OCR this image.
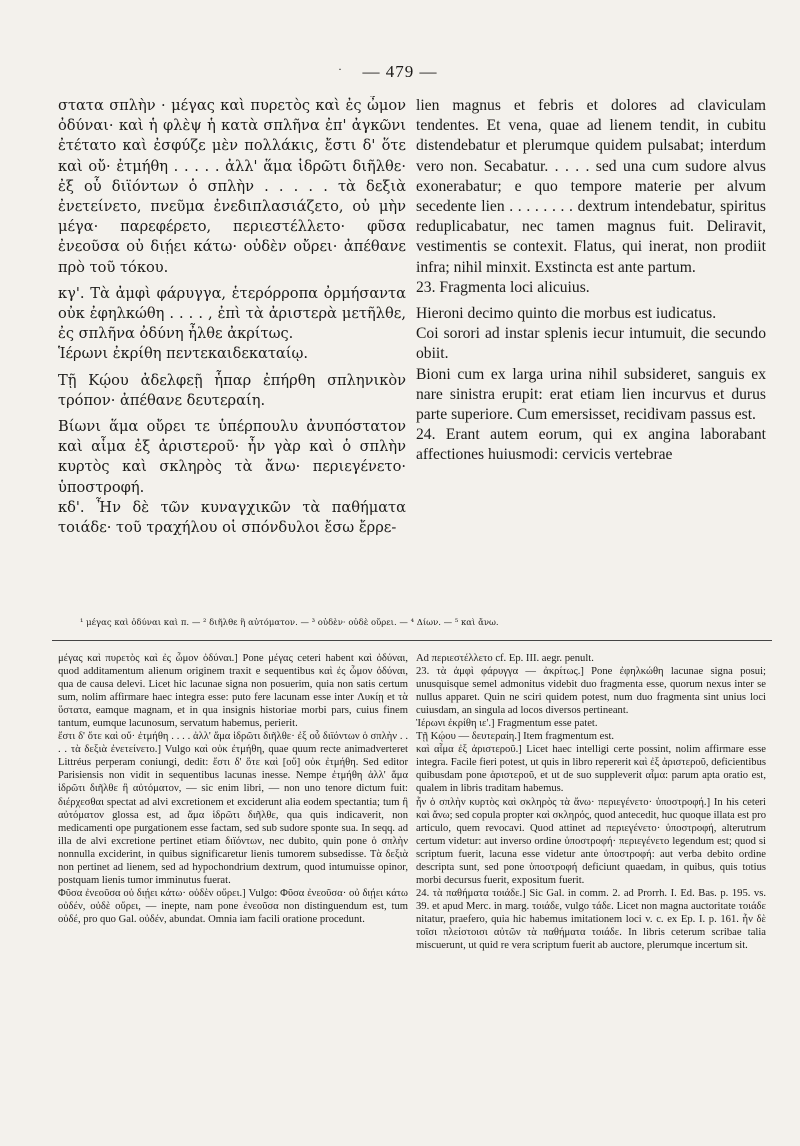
· — 479 —

στατα σπλὴν · μέγας καὶ πυρετὸς καὶ ἐς ὦμον ὀδύναι· καὶ ἡ φλὲψ ἡ κατὰ σπλῆνα ἐπ' ἀγκῶνι ἐτέτατο καὶ ἐσφύζε μὲν πολλάκις, ἔστι δ' ὅτε καὶ οὔ· ἐτμήθη . . . . . ἀλλ' ἅμα ἱδρῶτι διῆλθε· ἐξ οὗ διϊόντων ὁ σπλὴν . . . . . τὰ δεξιὰ ἐνετείνετο, πνεῦμα ἐνεδιπλασιάζετο, οὐ μὴν μέγα· παρεφέρετο, περιεστέλλετο· φῦσα ἐνεοῦσα οὐ διῄει κάτω· οὐδὲν οὔρει· ἀπέθανε πρὸ τοῦ τόκου.

κγ'. Τὰ ἀμφὶ φάρυγγα, ἑτερόρροπα ὀρμήσαντα οὐκ ἐφηλκώθη . . . . , ἐπὶ τὰ ἀριστερὰ μετῆλθε, ἐς σπλῆνα ὀδύνη ἦλθε ἀκρίτως.

Ἱέρωνι ἐκρίθη πεντεκαιδεκαταίῳ.

Τῇ Κῴου ἀδελφεῇ ἧπαρ ἐπήρθη σπληνικὸν τρόπον· ἀπέθανε δευτεραίη.

Βίωνι ἅμα οὔρει τε ὑπέρπουλυ ἀνυπόστατον καὶ αἷμα ἐξ ἀριστεροῦ· ἦν γὰρ καὶ ὁ σπλὴν κυρτὸς καὶ σκληρὸς τὰ ἄνω· περιεγένετο· ὑποστροφή.

κδ'. Ἦν δὲ τῶν κυναγχικῶν τὰ παθήματα τοιάδε· τοῦ τραχήλου οἱ σπόνδυλοι ἔσω ἔρρε-

lien magnus et febris et dolores ad claviculam tendentes. Et vena, quae ad lienem tendit, in cubitu distendebatur et plerumque quidem pulsabat; interdum vero non. Secabatur. . . . . sed una cum sudore alvus exonerabatur; e quo tempore materie per alvum secedente lien . . . . . . . . dextrum intendebatur, spiritus reduplicabatur, nec tamen magnus fuit. Deliravit, vestimentis se contexit. Flatus, qui inerat, non prodiit infra; nihil minxit. Exstincta est ante partum.

23. Fragmenta loci alicuius.

Hieroni decimo quinto die morbus est iudicatus.

Coi sorori ad instar splenis iecur intumuit, die secundo obiit.

Bioni cum ex larga urina nihil subsideret, sanguis ex nare sinistra erupit: erat etiam lien incurvus et durus parte superiore. Cum emersisset, recidivam passus est.

24. Erant autem eorum, qui ex angina laborabant affectiones huiusmodi: cervicis vertebrae

¹ μέγας καὶ ὀδύναι καὶ π. — ² διῆλθε ἢ αὐτόματον. — ³ οὐδὲν· οὐδὲ οὔρει. — ⁴ Δίων. — ⁵ καὶ ἄνω.

μέγας καὶ πυρετὸς καὶ ἐς ὦμον ὀδύναι.] Pone μέγας ceteri habent καὶ ὀδύναι, quod additamentum alienum originem traxit e sequentibus καὶ ἐς ὦμον ὀδύναι, qua de causa delevi. Licet hic lacunae signa non posuerim, quia non satis certum sum, nolim affirmare haec integra esse: puto fere lacunam esse inter Λυκίῃ et τὰ ὕστατα, eamque magnam, et in qua insignis historiae morbi pars, cuius finem tantum, eumque lacunosum, servatum habemus, perierit.

ἔστι δ' ὅτε καὶ οὔ· ἐτμήθη . . . . ἀλλ' ἅμα ἱδρῶτι διῆλθε· ἐξ οὗ διϊόντων ὁ σπλὴν . . . . τὰ δεξιὰ ἐνετείνετο.] Vulgo καὶ οὐκ ἐτμήθη, quae quum recte animadverteret Littréus perperam coniungi, dedit: ἔστι δ' ὅτε καὶ [οὔ] οὐκ ἐτμήθη. Sed editor Parisiensis non vidit in sequentibus lacunas inesse. Nempe ἐτμήθη ἀλλ' ἅμα ἱδρῶτι διῆλθε ἢ αὐτόματον, — sic enim libri, — non uno tenore dictum fuit: διέρχεσθαι spectat ad alvi excretionem et exciderunt alia eodem spectantia; tum ἢ αὐτόματον glossa est, ad ἅμα ἱδρῶτι διῆλθε, qua quis indicaverit, non medicamenti ope purgationem esse factam, sed sub sudore sponte sua. In seqq. ad illa de alvi excretione pertinet etiam διϊόντων, nec dubito, quin pone ὁ σπλὴν nonnulla exciderint, in quibus significaretur lienis tumorem subsedisse. Τὰ δεξιὰ non pertinet ad lienem, sed ad hypochondrium dextrum, quod intumuisse opinor, postquam lienis tumor imminutus fuerat.

Φῦσα ἐνεοῦσα οὐ διῄει κάτω· οὐδὲν οὔρει.] Vulgo: Φῦσα ἐνεοῦσα· οὐ διῄει κάτω οὐδέν, οὐδὲ οὔρει, — inepte, nam pone ἐνεοῦσα non distinguendum est, tum οὐδέ, pro quo Gal. οὐδέν, abundat. Omnia iam facili oratione procedunt.

Ad περιεστέλλετο cf. Ep. III. aegr. penult.

23. τὰ ἀμφὶ φάρυγγα — ἀκρίτως.] Pone ἐφηλκώθη lacunae signa posui; unusquisque semel admonitus videbit duo fragmenta esse, quorum nexus inter se nullus apparet. Quin ne sciri quidem potest, num duo fragmenta sint unius loci cuiusdam, an singula ad locos diversos pertineant.

Ἱέρωνι ἐκρίθη ιε'.] Fragmentum esse patet.

Τῇ Κῴου — δευτεραίη.] Item fragmentum est.

καὶ αἷμα ἐξ ἀριστεροῦ.] Licet haec intelligi certe possint, nolim affirmare esse integra. Facile fieri potest, ut quis in libro repererit καὶ ἐξ ἀριστεροῦ, deficientibus quibusdam pone ἀριστεροῦ, et ut de suo suppleverit αἷμα: parum apta oratio est, qualem in libris traditam habemus.

ἦν ὁ σπλὴν κυρτὸς καὶ σκληρὸς τὰ ἄνω· περιεγένετο· ὑποστροφή.] In his ceteri καὶ ἄνω; sed copula propter καὶ σκληρός, quod antecedit, huc quoque illata est pro articulo, quem revocavi. Quod attinet ad περιεγένετο· ὑποστροφή, alterutrum certum videtur: aut inverso ordine ὑποστροφή· περιεγένετο legendum est; quod si scriptum fuerit, lacuna esse videtur ante ὑποστροφή: aut verba debito ordine descripta sunt, sed pone ὑποστροφή deficiunt quaedam, in quibus, quis totius morbi decursus fuerit, expositum fuerit.

24. τὰ παθήματα τοιάδε.] Sic Gal. in comm. 2. ad Prorrh. I. Ed. Bas. p. 195. vs. 39. et apud Merc. in marg. τοιάδε, vulgo τάδε. Licet non magna auctoritate τοιάδε nitatur, praefero, quia hic habemus imitationem loci v. c. ex Ep. I. p. 161. ἦν δὲ τοῖσι πλείστοισι αὐτῶν τὰ παθήματα τοιάδε. In libris ceterum scribae talia miscuerunt, ut quid re vera scriptum fuerit ab auctore, plerumque incertum sit.
